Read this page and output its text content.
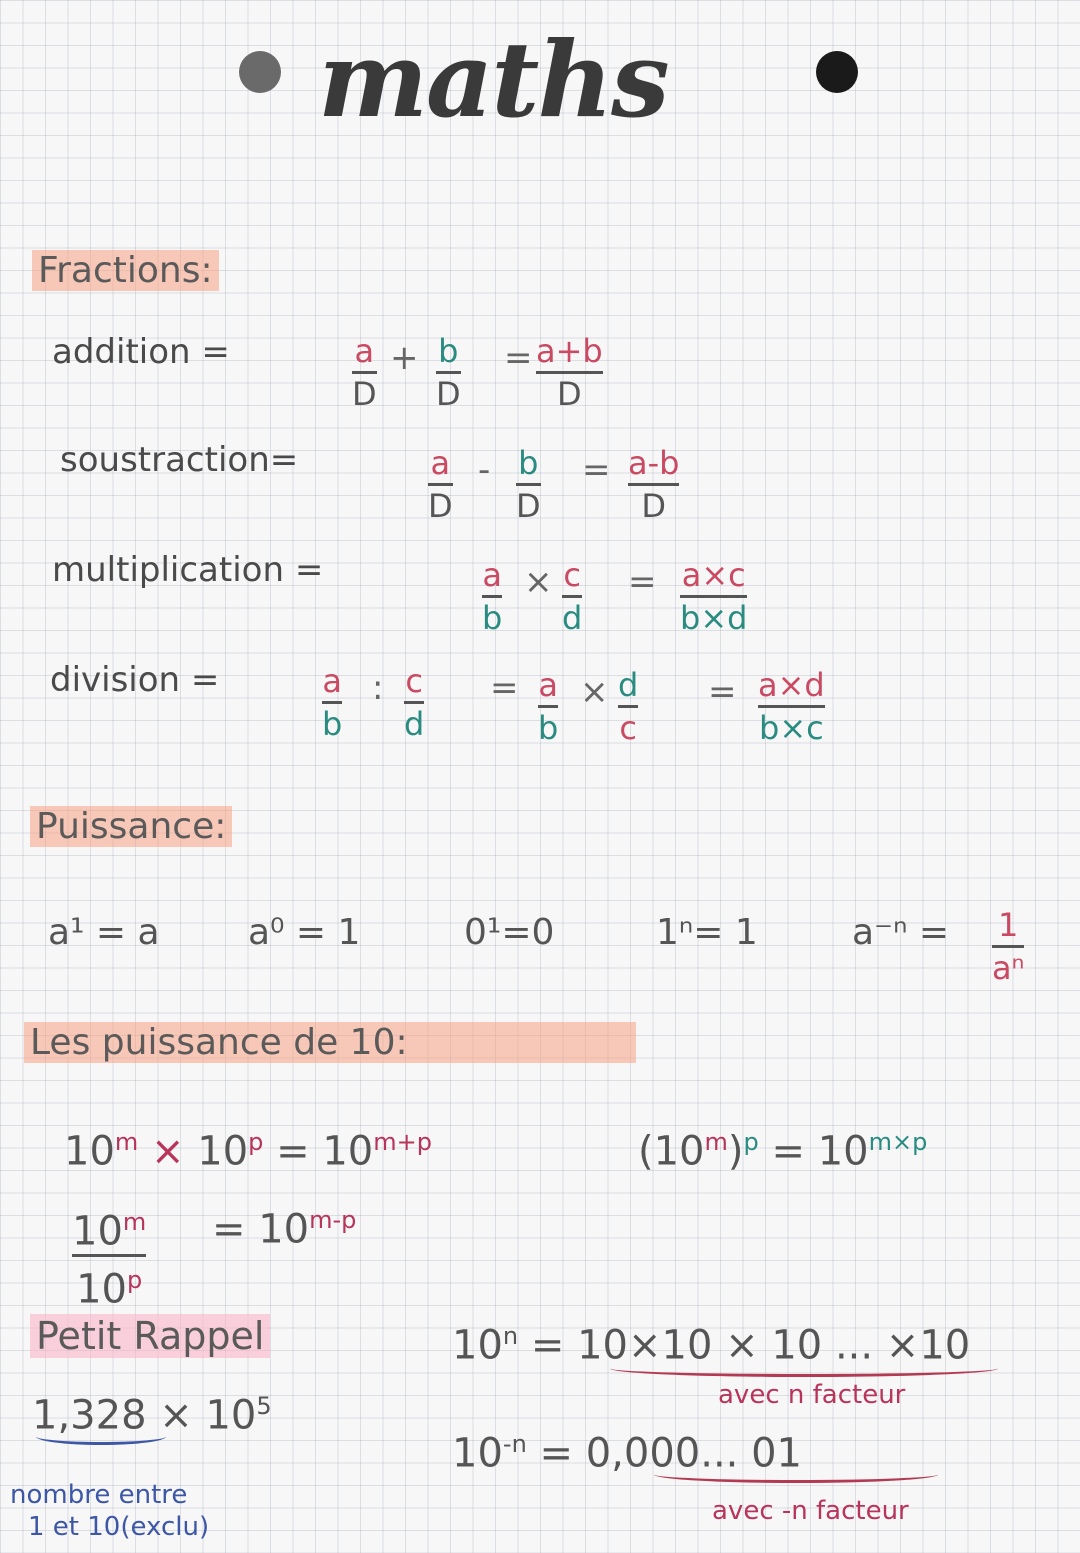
maths
Fractions:
addition =	a
D
+ b
D
= a+b
D
soustraction=	a
D
- b
D
= a-b
D
multiplication =	a
b
× c
d
= a×c
b×d
division =	a
b
: c
d
= a
b
× d
c
= a×d
b×c
Puissance:
a¹ = a a⁰ = 1	0¹=0	1ⁿ= 1	a⁻ⁿ = 1
aⁿ
Les puissance de 10:
$10^m \times 10^p = 10^{m+p}$	$(10^m)^p = 10^{m\times p}$
10$^m$
$10^p$
= $10^{m-p}$
Petit Rappel
$1,328 \times 10^5$
nombre entre
1 et 10(exclu)
$10^n = 10\times 10 \times 10$ ... ×10
avec n facteur
$10^{-n} = 0,000$... 01
avec -n facteur
